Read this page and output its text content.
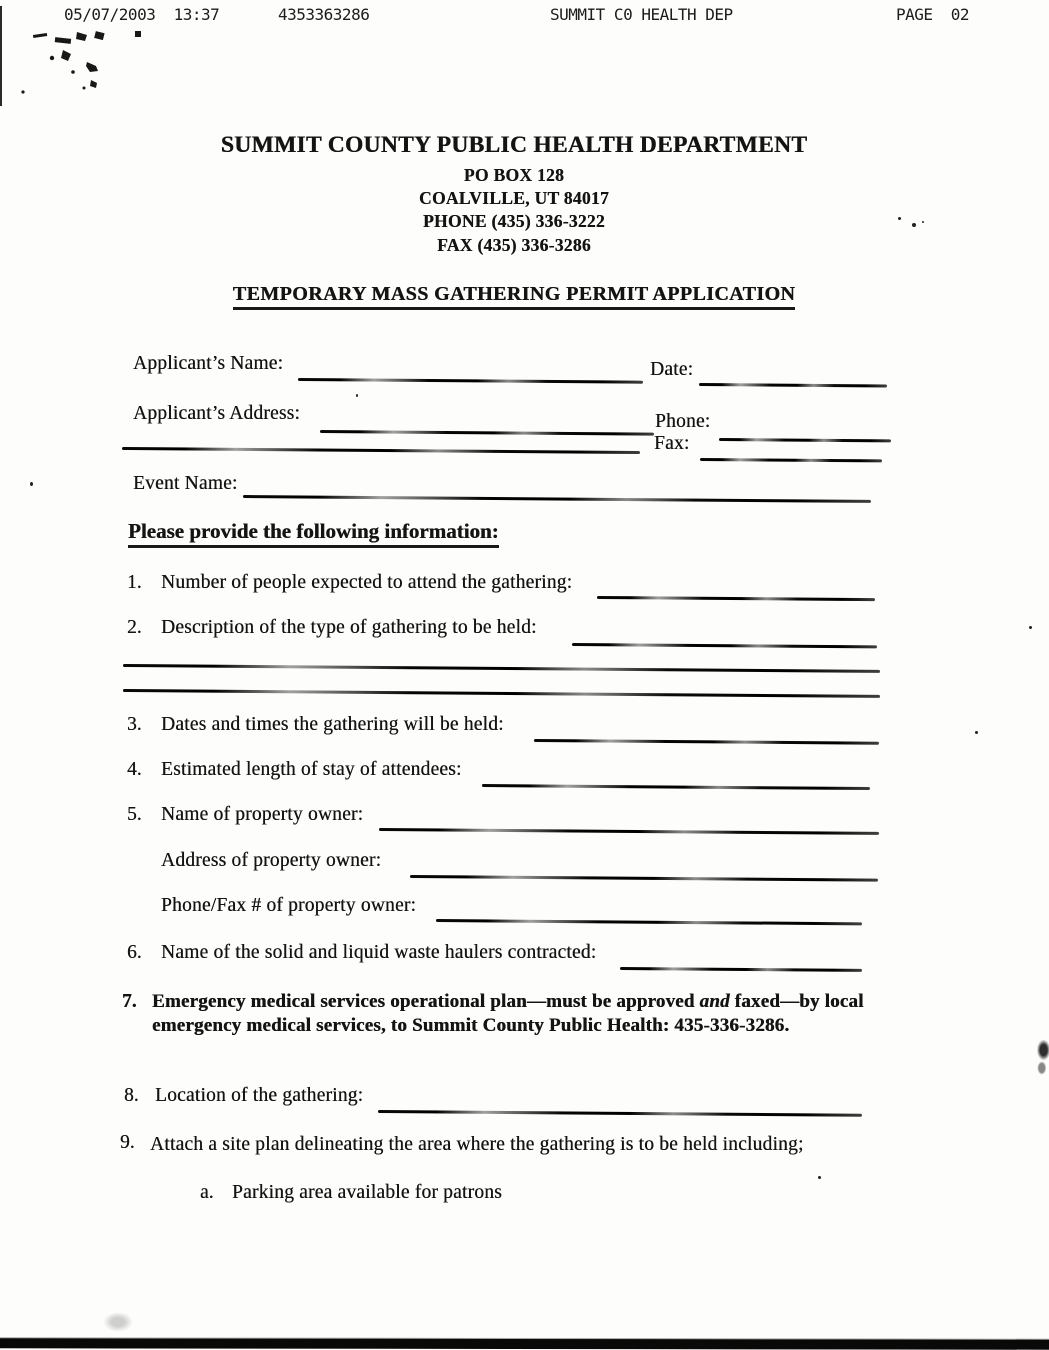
05/07/2003  13:37	4353363286	SUMMIT C0 HEALTH DEP	PAGE  02
SUMMIT COUNTY PUBLIC HEALTH DEPARTMENT
PO BOX 128
COALVILLE, UT 84017
PHONE (435) 336-3222
FAX (435) 336-3286
TEMPORARY MASS GATHERING PERMIT APPLICATION
Applicant’s Name:	Date:
Applicant’s Address:	Phone:
Fax:
Event Name:
Please provide the following information:
1. Number of people expected to attend the gathering:
2. Description of the type of gathering to be held:
3. Dates and times the gathering will be held:
4. Estimated length of stay of attendees:
5. Name of property owner:
Address of property owner:
Phone/Fax # of property owner:
6. Name of the solid and liquid waste haulers contracted:
7. Emergency medical services operational plan—must be approved and faxed—by local emergency medical services, to Summit County Public Health: 435-336-3286.
8. Location of the gathering:
9. Attach a site plan delineating the area where the gathering is to be held including;
a. Parking area available for patrons
